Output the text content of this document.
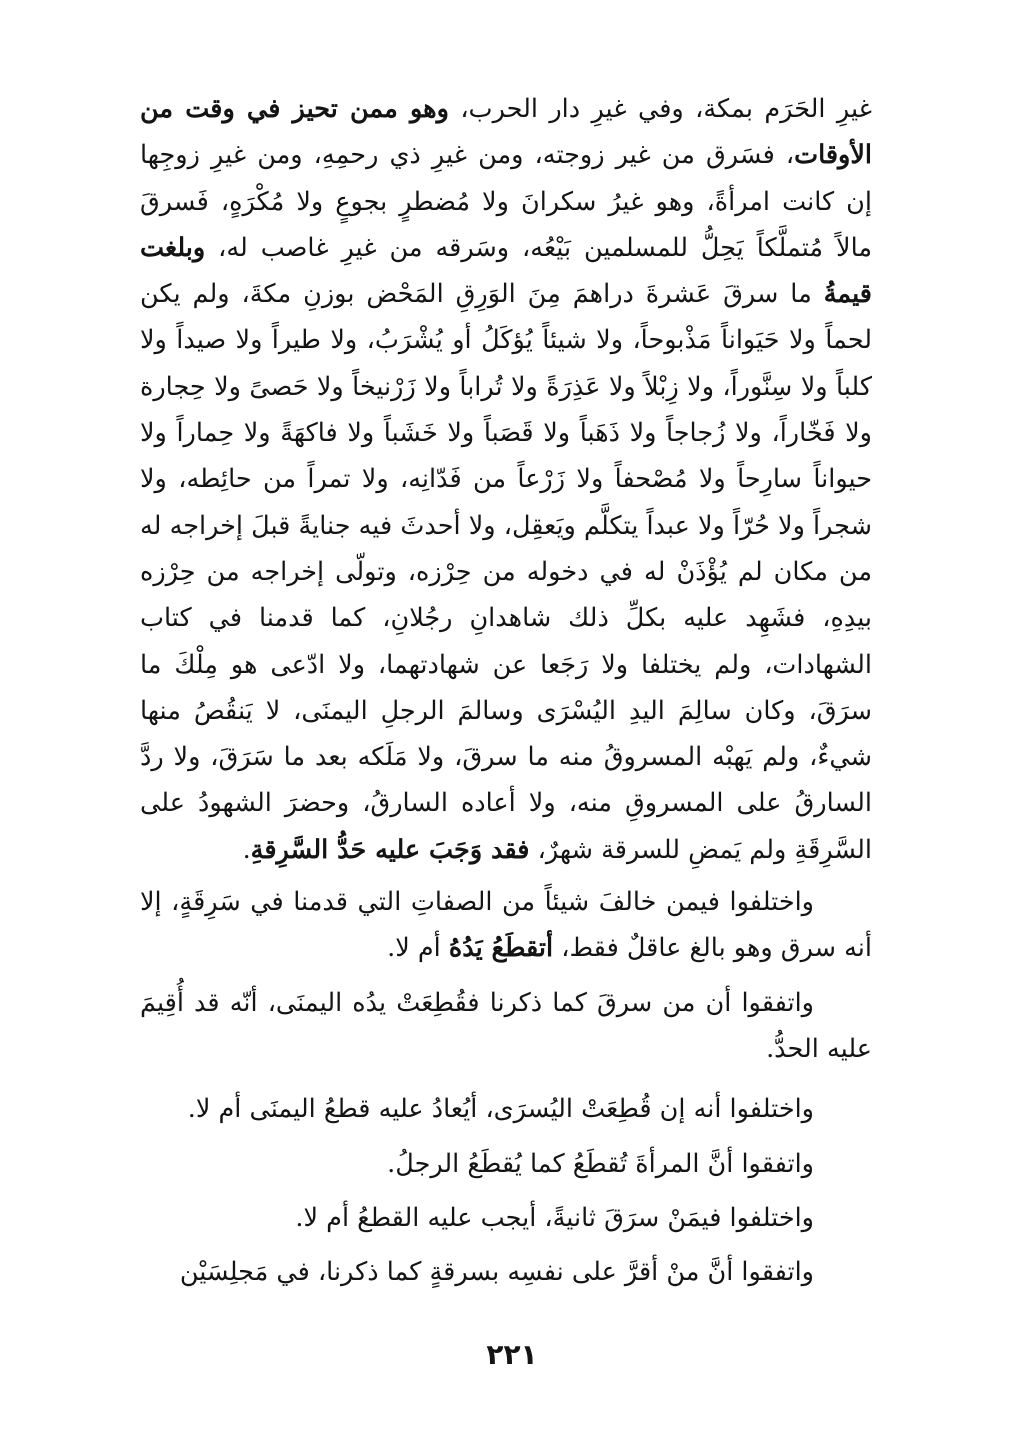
غيرِ الحَرَم بمكة، وفي غيرِ دار الحرب، وهو ممن تحيز في وقت من الأوقات، فسَرق من غير زوجته، ومن غيرِ ذي رحمِهِ، ومن غيرِ زوجِها إن كانت امرأةً، وهو غيرُ سكرانَ ولا مُضطرٍ بجوعٍ ولا مُكْرَهٍ، فَسرقَ مالاً مُتملَّكاً يَحِلُّ للمسلمين بَيْعُه، وسَرقه من غيرِ غاصب له، وبلغت قيمةُ ما سرقَ عَشرةَ دراهمَ مِنَ الوَرِقِ المَحْض بوزنِ مكةَ، ولم يكن لحماً ولا حَيَواناً مَذْبوحاً، ولا شيئاً يُؤكَلُ أو يُشْرَبُ، ولا طيراً ولا صيداً ولا كلباً ولا سِنَّوراً، ولا زِبْلاً ولا عَذِرَةً ولا تُراباً ولا زَرْنيخاً ولا حَصىً ولا حِجارة ولا فَخّاراً، ولا زُجاجاً ولا ذَهَباً ولا قَصَباً ولا خَشَباً ولا فاكهَةً ولا حِماراً ولا حيواناً سارِحاً ولا مُصْحفاً ولا زَرْعاً من فَدّانِه، ولا تمراً من حائِطه، ولا شجراً ولا حُرّاً ولا عبداً يتكلَّم ويَعقِل، ولا أحدثَ فيه جنايةً قبلَ إخراجه له من مكان لم يُؤْذَنْ له في دخوله من حِرْزه، وتولّى إخراجه من حِرْزه بيدِهِ، فشَهِد عليه بكلِّ ذلك شاهدانِ رجُلانِ، كما قدمنا في كتاب الشهادات، ولم يختلفا ولا رَجَعا عن شهادتهما، ولا ادّعى هو مِلْكَ ما سرَقَ، وكان سالِمَ اليدِ اليُسْرَى وسالمَ الرجلِ اليمنَى، لا يَنقُصُ منها شيءٌ، ولم يَهبْه المسروقُ منه ما سرقَ، ولا مَلَكه بعد ما سَرَقَ، ولا ردَّ السارقُ على المسروقِ منه، ولا أعاده السارقُ، وحضرَ الشهودُ على السَّرِقَةِ ولم يَمضِ للسرقة شهرٌ، فقد وَجَبَ عليه حَدُّ السَّرِقةِ.

واختلفوا فيمن خالفَ شيئاً من الصفاتِ التي قدمنا في سَرِقَةٍ، إلا أنه سرق وهو بالغ عاقلٌ فقط، أتقطَعُ يَدُهُ أم لا.

واتفقوا أن من سرقَ كما ذكرنا فقُطِعَتْ يدُه اليمنَى، أنّه قد أُقِيمَ عليه الحدُّ.

واختلفوا أنه إن قُطِعَتْ اليُسرَى، أيُعادُ عليه قطعُ اليمنَى أم لا.

واتفقوا أنَّ المرأةَ تُقطَعُ كما يُقطَعُ الرجلُ.

واختلفوا فيمَنْ سرَقَ ثانيةً، أيجب عليه القطعُ أم لا.

واتفقوا أنَّ منْ أقرَّ على نفسِه بسرقةٍ كما ذكرنا، في مَجلِسَيْن

٢٢١
